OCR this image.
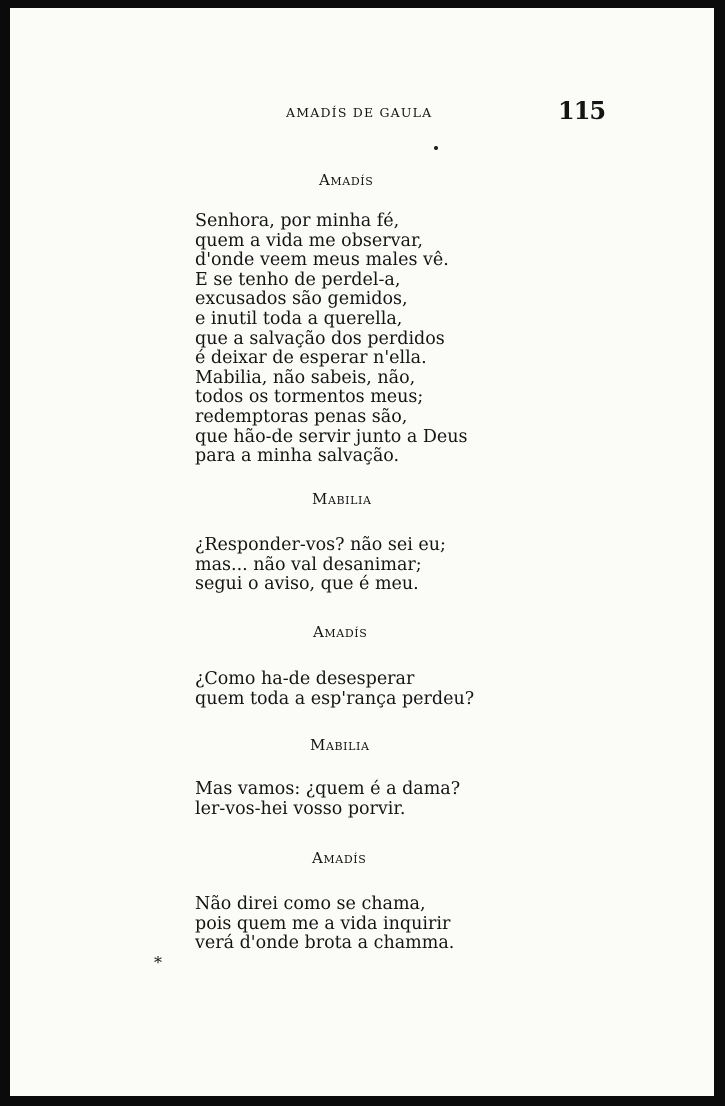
AMADÍS DE GAULA	115
Amadís
Senhora, por minha fé,
quem a vida me observar,
d'onde veem meus males vê.
E se tenho de perdel-a,
excusados são gemidos,
e inutil toda a querella,
que a salvação dos perdidos
é deixar de esperar n'ella.
Mabilia, não sabeis, não,
todos os tormentos meus;
redemptoras penas são,
que hão-de servir junto a Deus
para a minha salvação.
Mabilia
¿Responder-vos? não sei eu;
mas... não val desanimar;
segui o aviso, que é meu.
Amadís
¿Como ha-de desesperar
quem toda a esp'rança perdeu?
Mabilia
Mas vamos: ¿quem é a dama?
ler-vos-hei vosso porvir.
Amadís
Não direi como se chama,
pois quem me a vida inquirir
verá d'onde brota a chamma.
*
